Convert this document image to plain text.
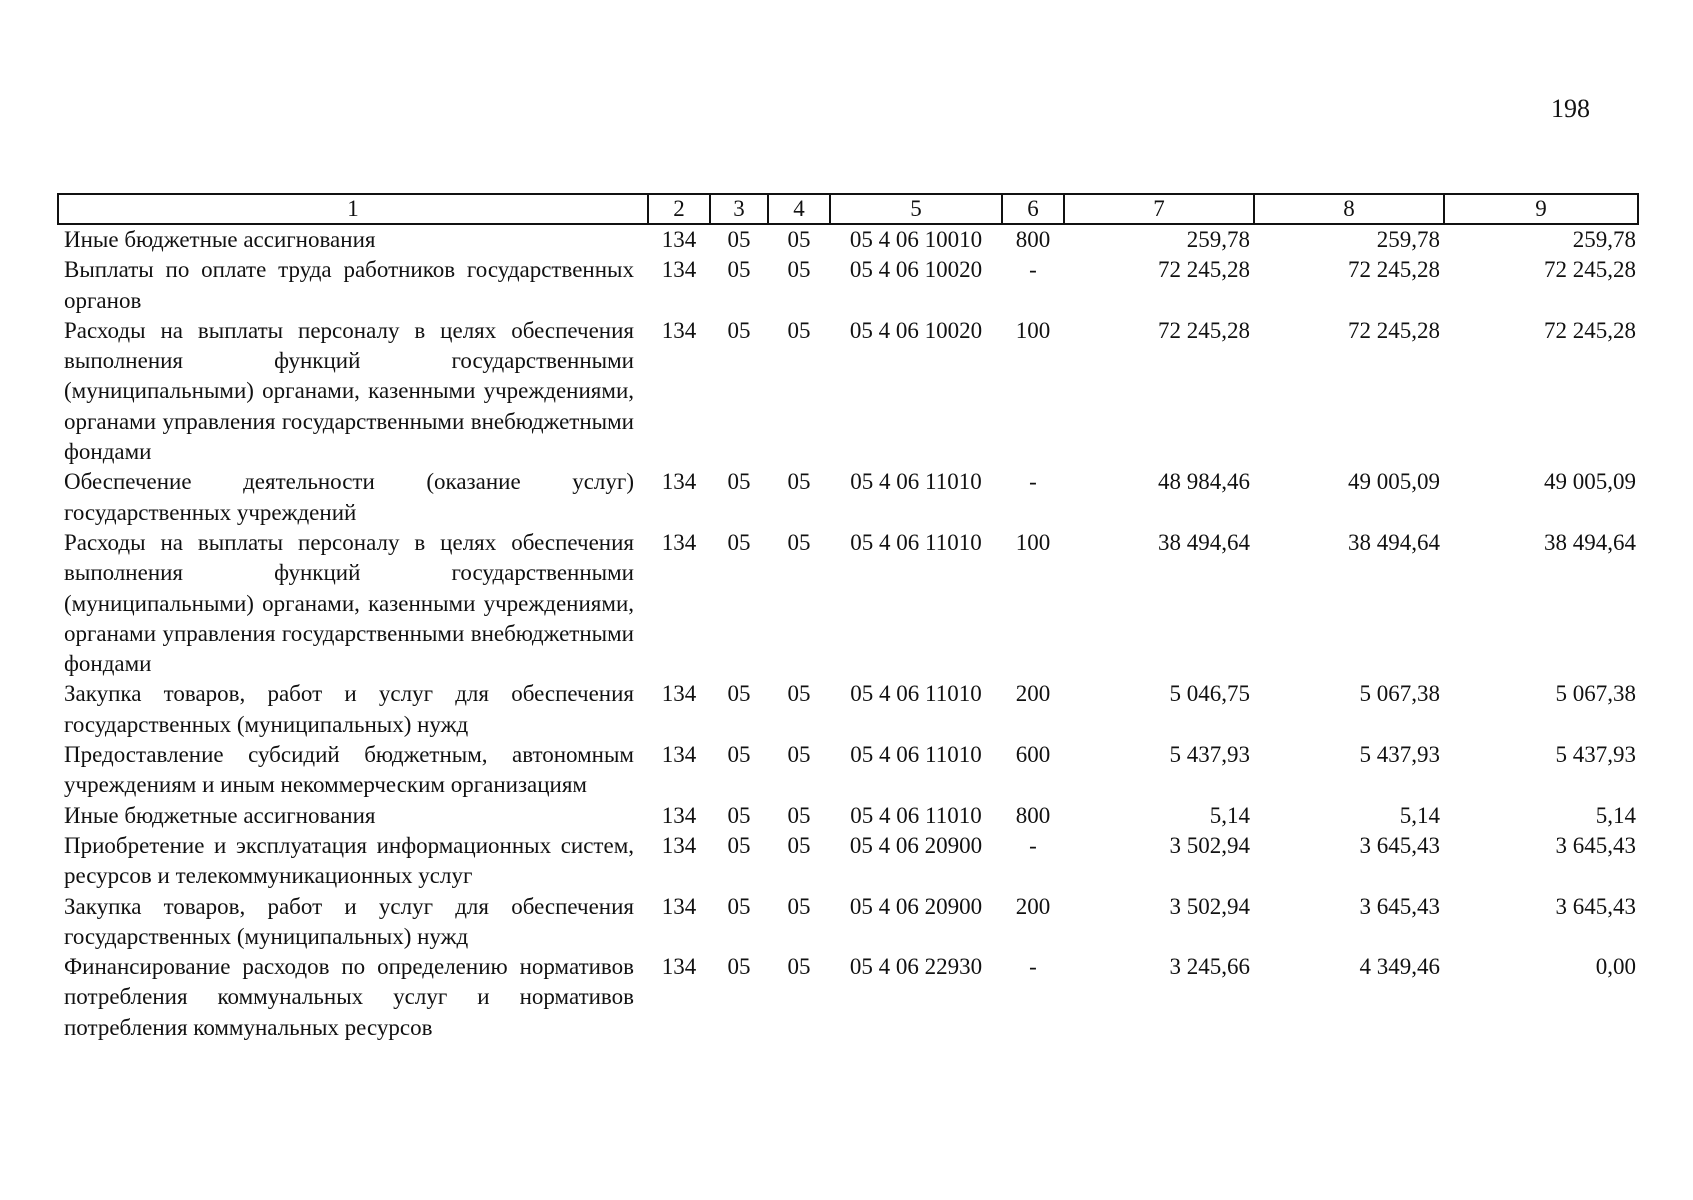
198
1	2	3	4	5	6	7	8	9
Иные бюджетные ассигнования	134	05	05	05 4 06 10010	800	259,78	259,78	259,78
Выплаты по оплате труда работников государственных органов	134	05	05	05 4 06 10020	-	72 245,28	72 245,28	72 245,28
Расходы на выплаты персоналу в целях обеспечения выполнения функций государственными (муниципальными) органами, казенными учреждениями, органами управления государственными внебюджетными фондами	134	05	05	05 4 06 10020	100	72 245,28	72 245,28	72 245,28
Обеспечение деятельности (оказание услуг) государственных учреждений	134	05	05	05 4 06 11010	-	48 984,46	49 005,09	49 005,09
Расходы на выплаты персоналу в целях обеспечения выполнения функций государственными (муниципальными) органами, казенными учреждениями, органами управления государственными внебюджетными фондами	134	05	05	05 4 06 11010	100	38 494,64	38 494,64	38 494,64
Закупка товаров, работ и услуг для обеспечения государственных (муниципальных) нужд	134	05	05	05 4 06 11010	200	5 046,75	5 067,38	5 067,38
Предоставление субсидий бюджетным, автономным учреждениям и иным некоммерческим организациям	134	05	05	05 4 06 11010	600	5 437,93	5 437,93	5 437,93
Иные бюджетные ассигнования	134	05	05	05 4 06 11010	800	5,14	5,14	5,14
Приобретение и эксплуатация информационных систем, ресурсов и телекоммуникационных услуг	134	05	05	05 4 06 20900	-	3 502,94	3 645,43	3 645,43
Закупка товаров, работ и услуг для обеспечения государственных (муниципальных) нужд	134	05	05	05 4 06 20900	200	3 502,94	3 645,43	3 645,43
Финансирование расходов по определению нормативов потребления коммунальных услуг и нормативов потребления коммунальных ресурсов	134	05	05	05 4 06 22930	-	3 245,66	4 349,46	0,00
